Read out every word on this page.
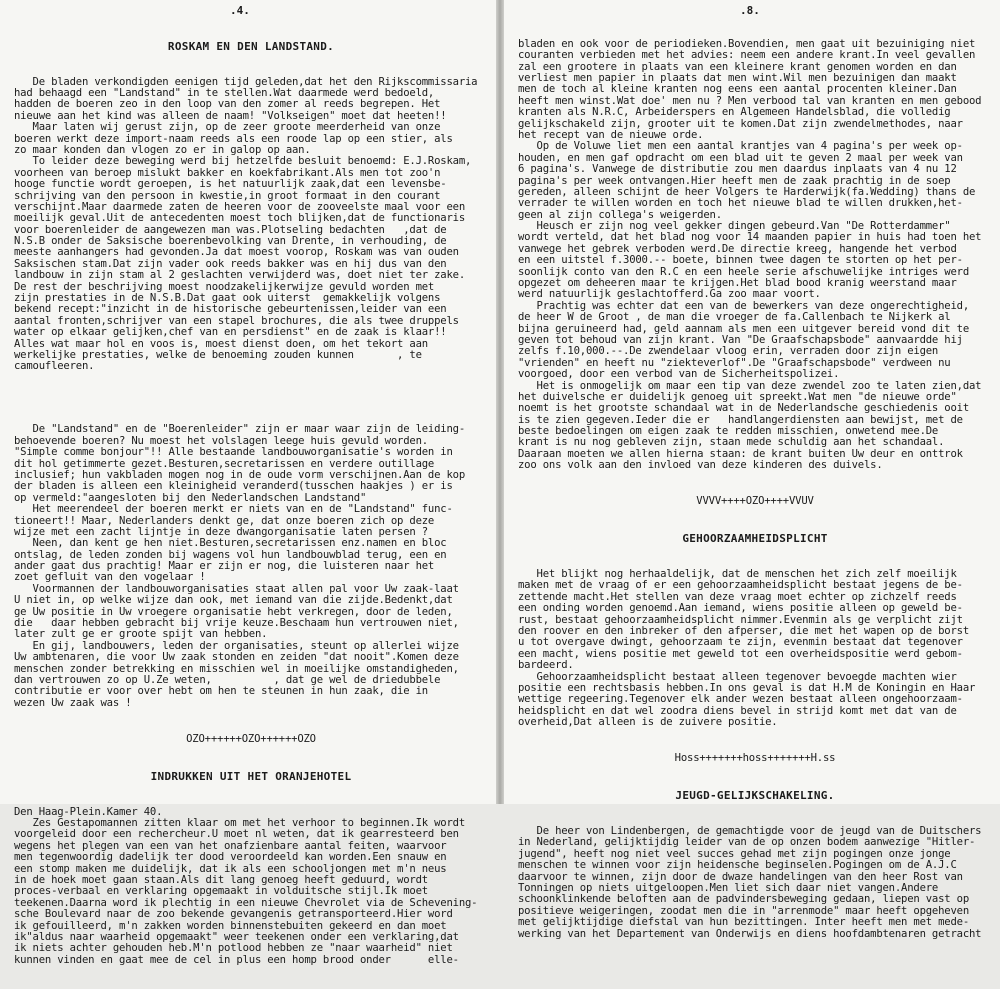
.4.

ROSKAM EN DEN LANDSTAND.

De bladen verkondigden eenigen tijd geleden,dat het den Rijkscommissaria
had behaagd een "Landstand" in te stellen.Wat daarmede werd bedoeld,
hadden de boeren zeo in den loop van den zomer al reeds begrepen. Het
nieuwe aan het kind was alleen de naam! "Volkseigen" moet dat heeten!!
Maar laten wij gerust zijn, op de zeer groote meerderheid van onze
boeren werkt deze import-naam reeds als een roode lap op een stier, als
zo maar konden dan vlogen zo er in galop op aan.
To leider deze beweging werd bij hetzelfde besluit benoemd: E.J.Roskam,
voorheen van beroep mislukt bakker en koekfabrikant.Als men tot zoo'n
hooge functie wordt geroepen, is het natuurlijk zaak,dat een levensbe-
schrijving van den persoon in kwestie,in groot formaat in den courant
verschijnt.Maar daarmede zaten de heeren voor de zooveelste maal voor een
moeilijk geval.Uit de antecedenten moest toch blijken,dat de functionaris
voor boerenleider de aangewezen man was.Plotseling bedachten   ,dat de
N.S.B onder de Saksische boerenbevolking van Drente, in verhouding, de
meeste aanhangers had gevonden.Ja dat moest voorop, Roskam was van ouden
Saksischen stam.Dat zijn vader ook reeds bakker was en hij dus van den
landbouw in zijn stam al 2 geslachten verwijderd was, doet niet ter zake.
De rest der beschrijving moest noodzakelijkerwijze gevuld worden met
zijn prestaties in de N.S.B.Dat gaat ook uiterst  gemakkelijk volgens
bekend recept:"inzicht in de historische gebeurtenissen,leider van een
aantal fronten,schrijver van een stapel brochures, die als twee druppels
water op elkaar gelijken,chef van en persdienst" en de zaak is klaar!!
Alles wat maar hol en voos is, moest dienst doen, om het tekort aan
werkelijke prestaties, welke de benoeming zouden kunnen       , te
camoufleeren.

De "Landstand" en de "Boerenleider" zijn er maar waar zijn de leiding-
behoevende boeren? Nu moest het volslagen leege huis gevuld worden.
"Simple comme bonjour"!! Alle bestaande landbouworganisatie's worden in
dit hol getimmerte gezet.Besturen,secretarissen en verdere outillage
inclusief; hun vakbladen mogen nog in de oude vorm verschijnen.Aan de kop
der bladen is alleen een kleinigheid veranderd(tusschen haakjes ) er is
op vermeld:"aangesloten bij den Nederlandschen Landstand"
Het meerendeel der boeren merkt er niets van en de "Landstand" func-
tioneert!! Maar, Nederlanders denkt ge, dat onze boeren zich op deze
wijze met een zacht lijntje in deze dwangorganisatie laten persen ?
Neen, dan kent ge hen niet.Besturen,secretarissen enz.namen en bloc
ontslag, de leden zonden bij wagens vol hun landbouwblad terug, een en
ander gaat dus prachtig! Maar er zijn er nog, die luisteren naar het
zoet gefluit van den vogelaar !
Voormannen der landbouworganisaties staat allen pal voor Uw zaak-laat
U niet in, op welke wijze dan ook, met iemand van die zijde.Bedenkt,dat
ge Uw positie in Uw vroegere organisatie hebt verkregen, door de leden,
die   daar hebben gebracht bij vrije keuze.Beschaam hun vertrouwen niet,
later zult ge er groote spijt van hebben.
En gij, landbouwers, leden der organisaties, steunt op allerlei wijze
Uw ambtenaren, die voor Uw zaak stonden en zeiden "dat nooit".Komen deze
menschen zonder betrekking en misschien wel in moeilijke omstandigheden,
dan vertrouwen zo op U.Ze weten,          , dat ge wel de driedubbele
contributie er voor over hebt om hen te steunen in hun zaak, die in
wezen Uw zaak was !

OZO++++++OZO++++++OZO

INDRUKKEN UIT HET ORANJEHOTEL

Den Haag-Plein.Kamer 40.
Zes Gestapomannen zitten klaar om met het verhoor to beginnen.Ik wordt
voorgeleid door een rechercheur.U moet nl weten, dat ik gearresteerd ben
wegens het plegen van een van het onafzienbare aantal feiten, waarvoor
men tegenwoordig dadelijk ter dood veroordeeld kan worden.Een snauw en
een stomp maken me duidelijk, dat ik als een schooljongen met m'n neus
in de hoek moet gaan staan.Als dit lang genoeg heeft geduurd, wordt
proces-verbaal en verklaring opgemaakt in volduitsche stijl.Ik moet
teekenen.Daarna word ik plechtig in een nieuwe Chevrolet via de Schevening-
sche Boulevard naar de zoo bekende gevangenis getransporteerd.Hier word
ik gefouilleerd, m'n zakken worden binnenstebuiten gekeerd en dan moet
ik"aldus naar waarheid opgemaakt" weer teekenen onder een verklaring,dat
ik niets achter gehouden heb.M'n potlood hebben ze "naar waarheid" niet
kunnen vinden en gaat mee de cel in plus een homp brood onder      elle-

.8.

bladen en ook voor de periodieken.Bovendien, men gaat uit bezuiniging niet
couranten verbieden met het advies: neem een andere krant.In veel gevallen
zal een grootere in plaats van een kleinere krant genomen worden en dan
verliest men papier in plaats dat men wint.Wil men bezuinigen dan maakt
men de toch al kleine kranten nog eens een aantal procenten kleiner.Dan
heeft men winst.Wat doe' men nu ? Men verbood tal van kranten en men gebood
kranten als N.R.C, Arbeiderspers en Algemeen Handelsblad, die volledig
gelijkschakeld zijn, grooter uit te komen.Dat zijn zwendelmethodes, naar
het recept van de nieuwe orde.
Op de Voluwe liet men een aantal krantjes van 4 pagina's per week op-
houden, en men gaf opdracht om een blad uit te geven 2 maal per week van
6 pagina's. Vanwege de distributie zou men daardus inplaats van 4 nu 12
pagina's per week ontvangen.Hier heeft men de zaak prachtig in de soep
gereden, alleen schijnt de heer Volgers te Harderwijk(fa.Wedding) thans de
verrader te willen worden en toch het nieuwe blad te willen drukken,het-
geen al zijn collega's weigerden.
Heusch er zijn nog veel gekker dingen gebeurd.Van "De Rotterdammer"
wordt verteld, dat het blad nog voor 14 maanden papier in huis had toen het
vanwege het gebrek verboden werd.De directie kreeg, hangende het verbod
en een uitstel f.3000.-- boete, binnen twee dagen te storten op het per-
soonlijk conto van den R.C en een heele serie afschuwelijke intriges werd
opgezet om deheeren maar te krijgen.Het blad bood kranig weerstand maar
werd natuurlijk geslachtofferd.Ga zoo maar voort.
Prachtig was echter dat een van de bewerkers van deze ongerechtigheid,
de heer W de Groot , de man die vroeger de fa.Callenbach te Nijkerk al
bijna geruineerd had, geld aannam als men een uitgever bereid vond dit te
geven tot behoud van zijn krant. Van "De Graafschapsbode" aanvaardde hij
zelfs f.10,000.--.De zwendelaar vloog erin, verraden door zijn eigen
"vrienden" en heeft nu "ziekteverlof".De "Graafschapsbode" verdween nu
voorgoed, door een verbod van de Sicherheitspolizei.
Het is onmogelijk om maar een tip van deze zwendel zoo te laten zien,dat
het duivelsche er duidelijk genoeg uit spreekt.Wat men "de nieuwe orde"
noemt is het grootste schandaal wat in de Nederlandsche geschiedenis ooit
is te zien gegeven.Ieder die er   handlangerdiensten aan bewijst, met de
beste bedoelingen om eigen zaak te redden misschien, onwetend mee.De
krant is nu nog gebleven zijn, staan mede schuldig aan het schandaal.
Daaraan moeten we allen hierna staan: de krant buiten Uw deur en onttrok
zoo ons volk aan den invloed van deze kinderen des duivels.

VVVV++++OZO++++VVUV

GEHOORZAAMHEIDSPLICHT

Het blijkt nog herhaaldelijk, dat de menschen het zich zelf moeilijk
maken met de vraag of er een gehoorzaamheidsplicht bestaat jegens de be-
zettende macht.Het stellen van deze vraag moet echter op zichzelf reeds
een onding worden genoemd.Aan iemand, wiens positie alleen op geweld be-
rust, bestaat gehoorzaamheidsplicht nimmer.Evenmin als ge verplicht zijt
den roover en den inbreker of den afperser, die met het wapen op de borst
u tot overgave dwingt, gehoorzaam te zijn, evenmin bestaat dat tegenover
een macht, wiens positie met geweld tot een overheidspositie werd gebom-
bardeerd.
Gehoorzaamheidsplicht bestaat alleen tegenover bevoegde machten wier
positie een rechtsbasis hebben.In ons geval is dat H.M de Koningin en Haar
wettige regeering.Tegenover elk ander wezen bestaat alleen ongehoorzaam-
heidsplicht en dat wel zoodra diens bevel in strijd komt met dat van de
overheid,Dat alleen is de zuivere positie.

Hoss+++++++hoss+++++++H.ss

JEUGD-GELIJKSCHAKELING.

De heer von Lindenbergen, de gemachtigde voor de jeugd van de Duitschers
in Nederland, gelijktijdig leider van de op onzen bodem aanwezige "Hitler-
jugend", heeft nog niet veel succes gehad met zijn pogingen onze jonge
menschen te winnen voor zijn heidensche beginselen.Pogingen om de A.J.C
daarvoor te winnen, zijn door de dwaze handelingen van den heer Rost van
Tonningen op niets uitgeloopen.Men liet sich daar niet vangen.Andere
schoonklinkende beloften aan de padvindersbeweging gedaan, liepen vast op
positieve weigeringen, zoodat men die in "arrenmode" maar heeft opgeheven
met gelijktijdige diefstal van hun bezittingen. Inter heeft men met mede-
werking van het Departement van Onderwijs en diens hoofdambtenaren getracht
